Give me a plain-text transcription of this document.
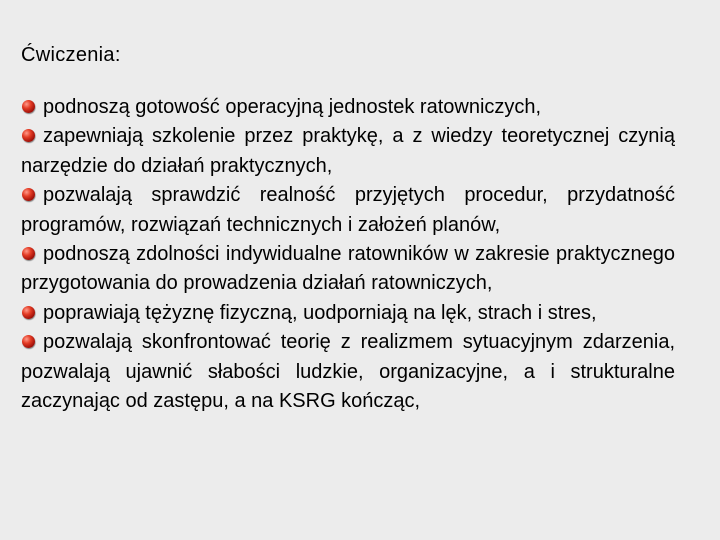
Ćwiczenia:

podnoszą gotowość operacyjną jednostek ratowniczych,

zapewniają szkolenie przez praktykę, a z wiedzy teoretycznej czynią narzędzie do działań praktycznych,

pozwalają sprawdzić realność przyjętych procedur, przydatność programów, rozwiązań technicznych i założeń planów,

podnoszą zdolności indywidualne ratowników w zakresie praktycznego przygotowania do prowadzenia działań ratowniczych,

poprawiają tężyznę fizyczną, uodporniają na lęk, strach i stres,

pozwalają skonfrontować teorię z realizmem sytuacyjnym zdarzenia, pozwalają ujawnić słabości ludzkie, organizacyjne, a i strukturalne zaczynając od zastępu, a na KSRG kończąc,
